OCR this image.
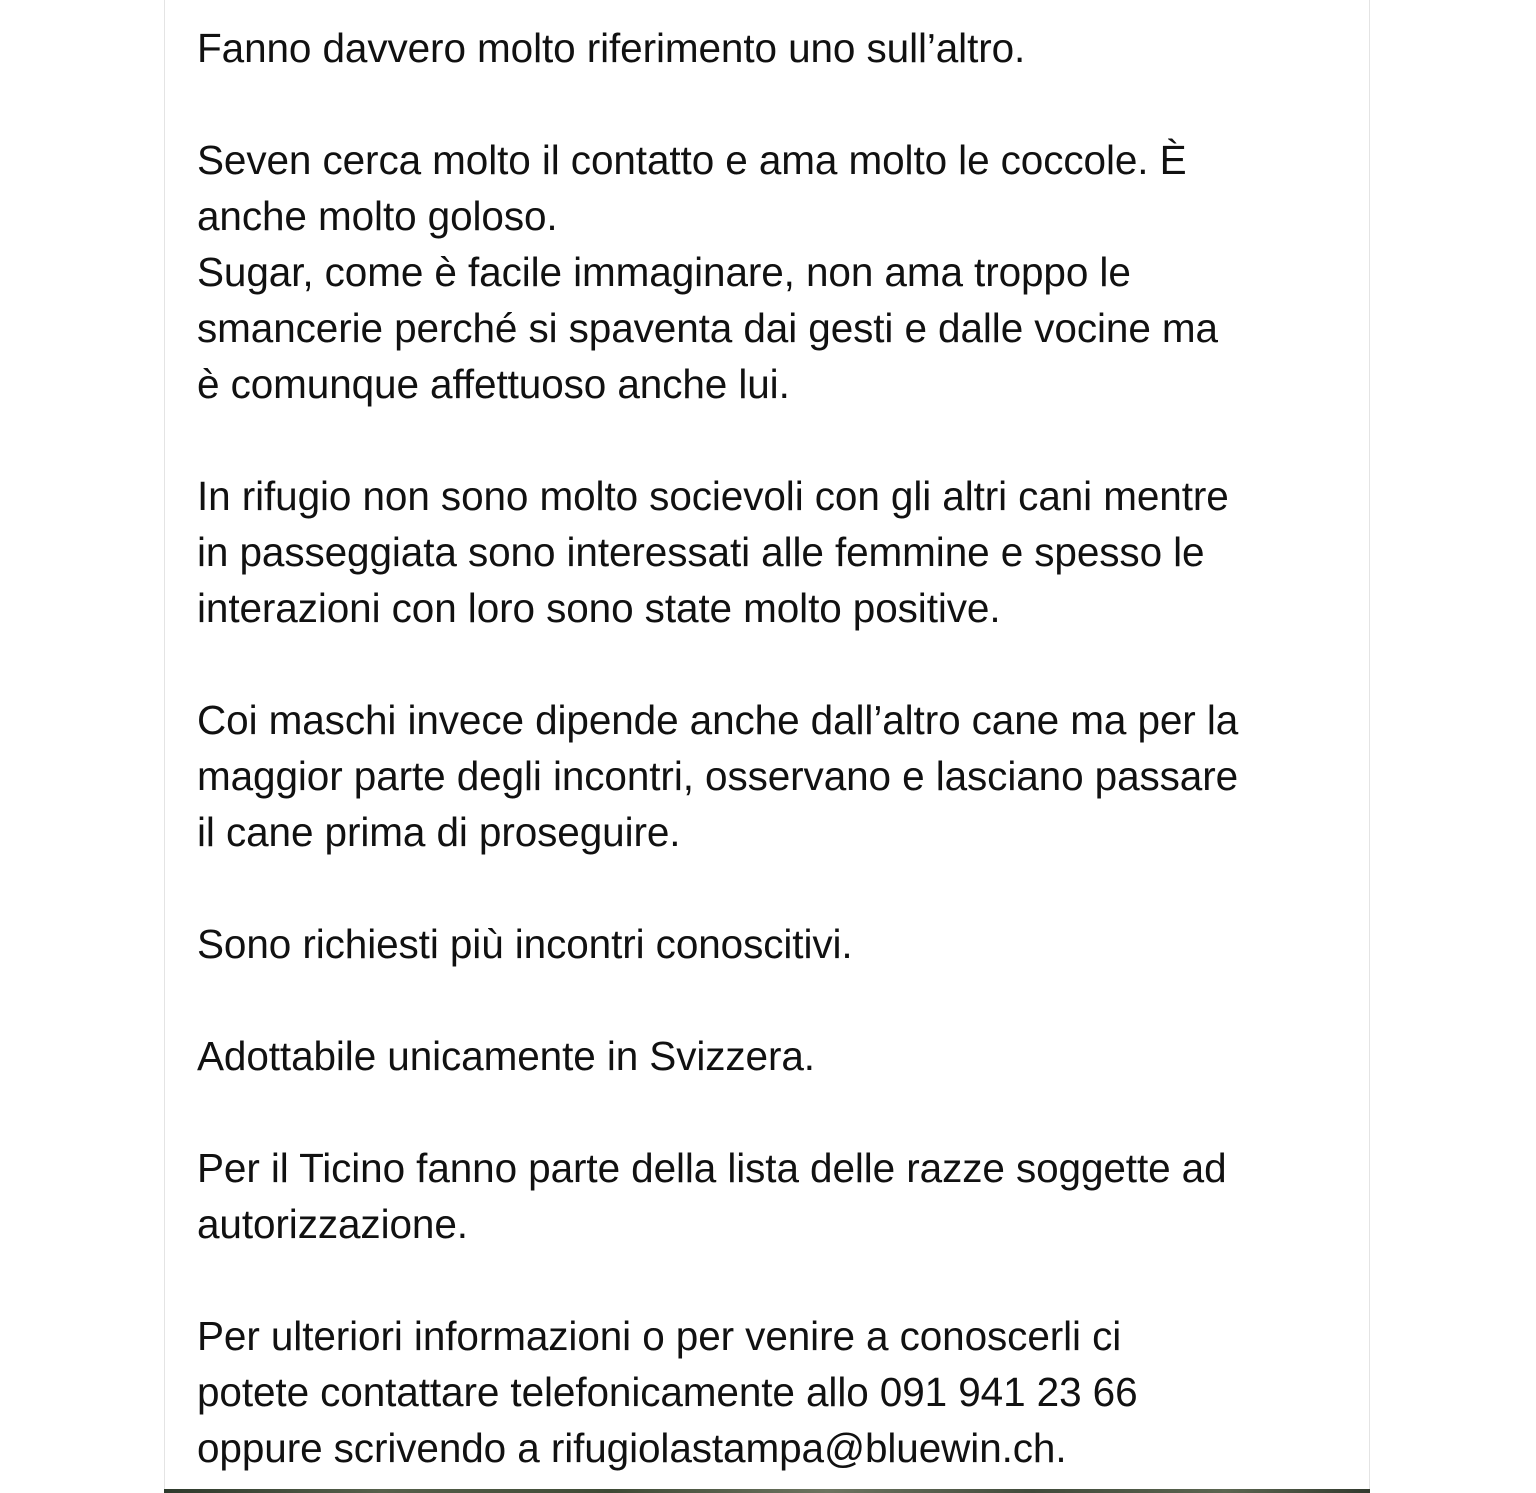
Fanno davvero molto riferimento uno sull’altro.
Seven cerca molto il contatto e ama molto le coccole. È
anche molto goloso.
Sugar, come è facile immaginare, non ama troppo le
smancerie perché si spaventa dai gesti e dalle vocine ma
è comunque affettuoso anche lui.
In rifugio non sono molto socievoli con gli altri cani mentre
in passeggiata sono interessati alle femmine e spesso le
interazioni con loro sono state molto positive.
Coi maschi invece dipende anche dall’altro cane ma per la
maggior parte degli incontri, osservano e lasciano passare
il cane prima di proseguire.
Sono richiesti più incontri conoscitivi.
Adottabile unicamente in Svizzera.
Per il Ticino fanno parte della lista delle razze soggette ad
autorizzazione.
Per ulteriori informazioni o per venire a conoscerli ci
potete contattare telefonicamente allo 091 941 23 66
oppure scrivendo a rifugiolastampa@bluewin.ch.
